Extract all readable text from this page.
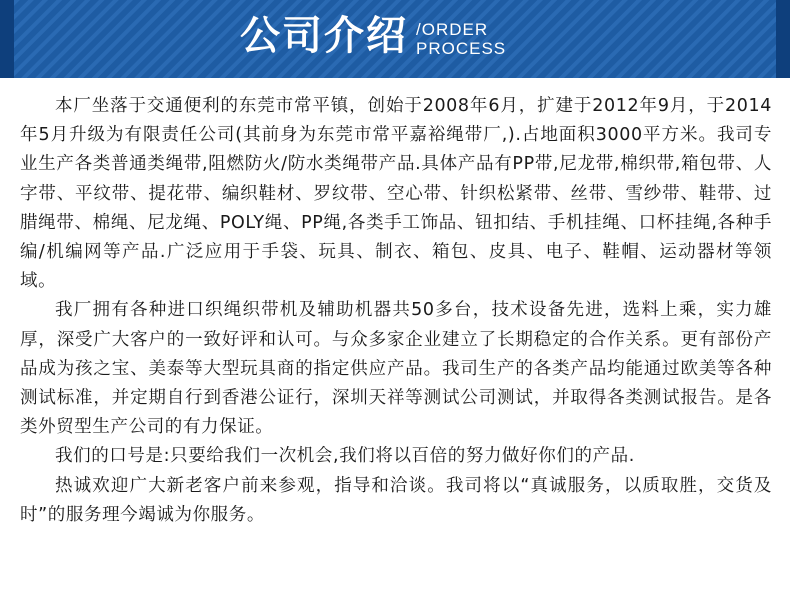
公司介绍 /ORDER
PROCESS

本厂坐落于交通便利的东莞市常平镇，创始于2008年6月，扩建于2012年9月，于2014年5月升级为有限责任公司(其前身为东莞市常平嘉裕绳带厂,).占地面积3000平方米。我司专业生产各类普通类绳带,阻燃防火/防水类绳带产品.具体产品有PP带,尼龙带,棉织带,箱包带、人字带、平纹带、提花带、编织鞋材、罗纹带、空心带、针织松紧带、丝带、雪纱带、鞋带、过腊绳带、棉绳、尼龙绳、POLY绳、PP绳,各类手工饰品、钮扣结、手机挂绳、口杯挂绳,各种手编/机编网等产品.广泛应用于手袋、玩具、制衣、箱包、皮具、电子、鞋帽、运动器材等领域。

我厂拥有各种进口织绳织带机及辅助机器共50多台，技术设备先进，选料上乘，实力雄厚，深受广大客户的一致好评和认可。与众多家企业建立了长期稳定的合作关系。更有部份产品成为孩之宝、美泰等大型玩具商的指定供应产品。我司生产的各类产品均能通过欧美等各种测试标准，并定期自行到香港公证行，深圳天祥等测试公司测试，并取得各类测试报告。是各类外贸型生产公司的有力保证。

我们的口号是:只要给我们一次机会,我们将以百倍的努力做好你们的产品.

热诚欢迎广大新老客户前来参观，指导和洽谈。我司将以“真诚服务，以质取胜，交货及时”的服务理今竭诚为你服务。
